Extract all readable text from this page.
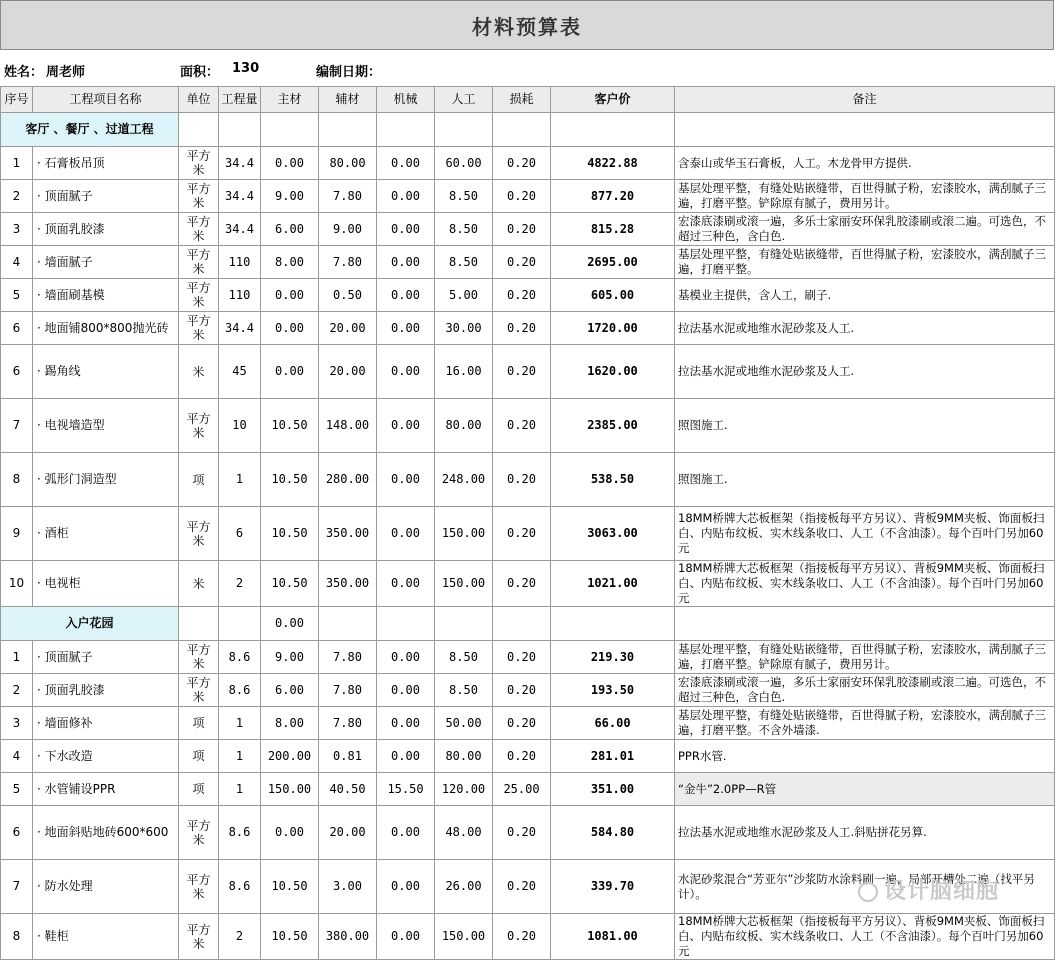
材料预算表
姓名： 周老师	面积： 130	编制日期：
序号	工程项目名称	单位	工程量	主材	辅材	机械	人工	损耗	客户价	备注
客厅 、餐厅 、过道工程										
1	· 石膏板吊顶	平方米	34.4	0.00	80.00	0.00	60.00	0.20	4822.88	含泰山或华玉石膏板，人工。木龙骨甲方提供.
2	· 顶面腻子	平方米	34.4	9.00	7.80	0.00	8.50	0.20	877.20	基层处理平整，有缝处贴嵌缝带，百世得腻子粉，宏漆胶水，满刮腻子三遍，打磨平整。铲除原有腻子，费用另计。
3	· 顶面乳胶漆	平方米	34.4	6.00	9.00	0.00	8.50	0.20	815.28	宏漆底漆刷或滚一遍，多乐士家丽安环保乳胶漆刷或滚二遍。可选色，不超过三种色，含白色.
4	· 墙面腻子	平方米	110	8.00	7.80	0.00	8.50	0.20	2695.00	基层处理平整，有缝处贴嵌缝带，百世得腻子粉，宏漆胶水，满刮腻子三遍，打磨平整。
5	· 墙面刷基模	平方米	110	0.00	0.50	0.00	5.00	0.20	605.00	基模业主提供，含人工，刷子.
6	· 地面铺800*800抛光砖	平方米	34.4	0.00	20.00	0.00	30.00	0.20	1720.00	拉法基水泥或地维水泥砂浆及人工.
6	· 踢角线	米	45	0.00	20.00	0.00	16.00	0.20	1620.00	拉法基水泥或地维水泥砂浆及人工.
7	· 电视墙造型	平方米	10	10.50	148.00	0.00	80.00	0.20	2385.00	照图施工.
8	· 弧形门洞造型	项	1	10.50	280.00	0.00	248.00	0.20	538.50	照图施工.
9	· 酒柜	平方米	6	10.50	350.00	0.00	150.00	0.20	3063.00	18MM桥牌大芯板框架（指接板每平方另议）、背板9MM夹板、饰面板扫白、内贴布纹板、实木线条收口、人工（不含油漆）。每个百叶门另加60元
10	· 电视柜	米	2	10.50	350.00	0.00	150.00	0.20	1021.00	18MM桥牌大芯板框架（指接板每平方另议）、背板9MM夹板、饰面板扫白、内贴布纹板、实木线条收口、人工（不含油漆）。每个百叶门另加60元
入户花园				0.00						
1	· 顶面腻子	平方米	8.6	9.00	7.80	0.00	8.50	0.20	219.30	基层处理平整，有缝处贴嵌缝带，百世得腻子粉，宏漆胶水，满刮腻子三遍，打磨平整。铲除原有腻子，费用另计。
2	· 顶面乳胶漆	平方米	8.6	6.00	7.80	0.00	8.50	0.20	193.50	宏漆底漆刷或滚一遍，多乐士家丽安环保乳胶漆刷或滚二遍。可选色，不超过三种色，含白色.
3	· 墙面修补	项	1	8.00	7.80	0.00	50.00	0.20	66.00	基层处理平整，有缝处贴嵌缝带，百世得腻子粉，宏漆胶水，满刮腻子三遍，打磨平整。不含外墙漆.
4	· 下水改造	项	1	200.00	0.81	0.00	80.00	0.20	281.01	PPR水管.
5	· 水管铺设PPR	项	1	150.00	40.50	15.50	120.00	25.00	351.00	“金牛”2.0PP—R管
6	· 地面斜贴地砖600*600	平方米	8.6	0.00	20.00	0.00	48.00	0.20	584.80	拉法基水泥或地维水泥砂浆及人工.斜贴拼花另算.
7	· 防水处理	平方米	8.6	10.50	3.00	0.00	26.00	0.20	339.70	水泥砂浆混合“芳亚尔”沙浆防水涂料刷一遍，局部开槽处二遍（找平另计）。
8	· 鞋柜	平方米	2	10.50	380.00	0.00	150.00	0.20	1081.00	18MM桥牌大芯板框架（指接板每平方另议）、背板9MM夹板、饰面板扫白、内贴布纹板、实木线条收口、人工（不含油漆）。每个百叶门另加60元
设计脑细胞
